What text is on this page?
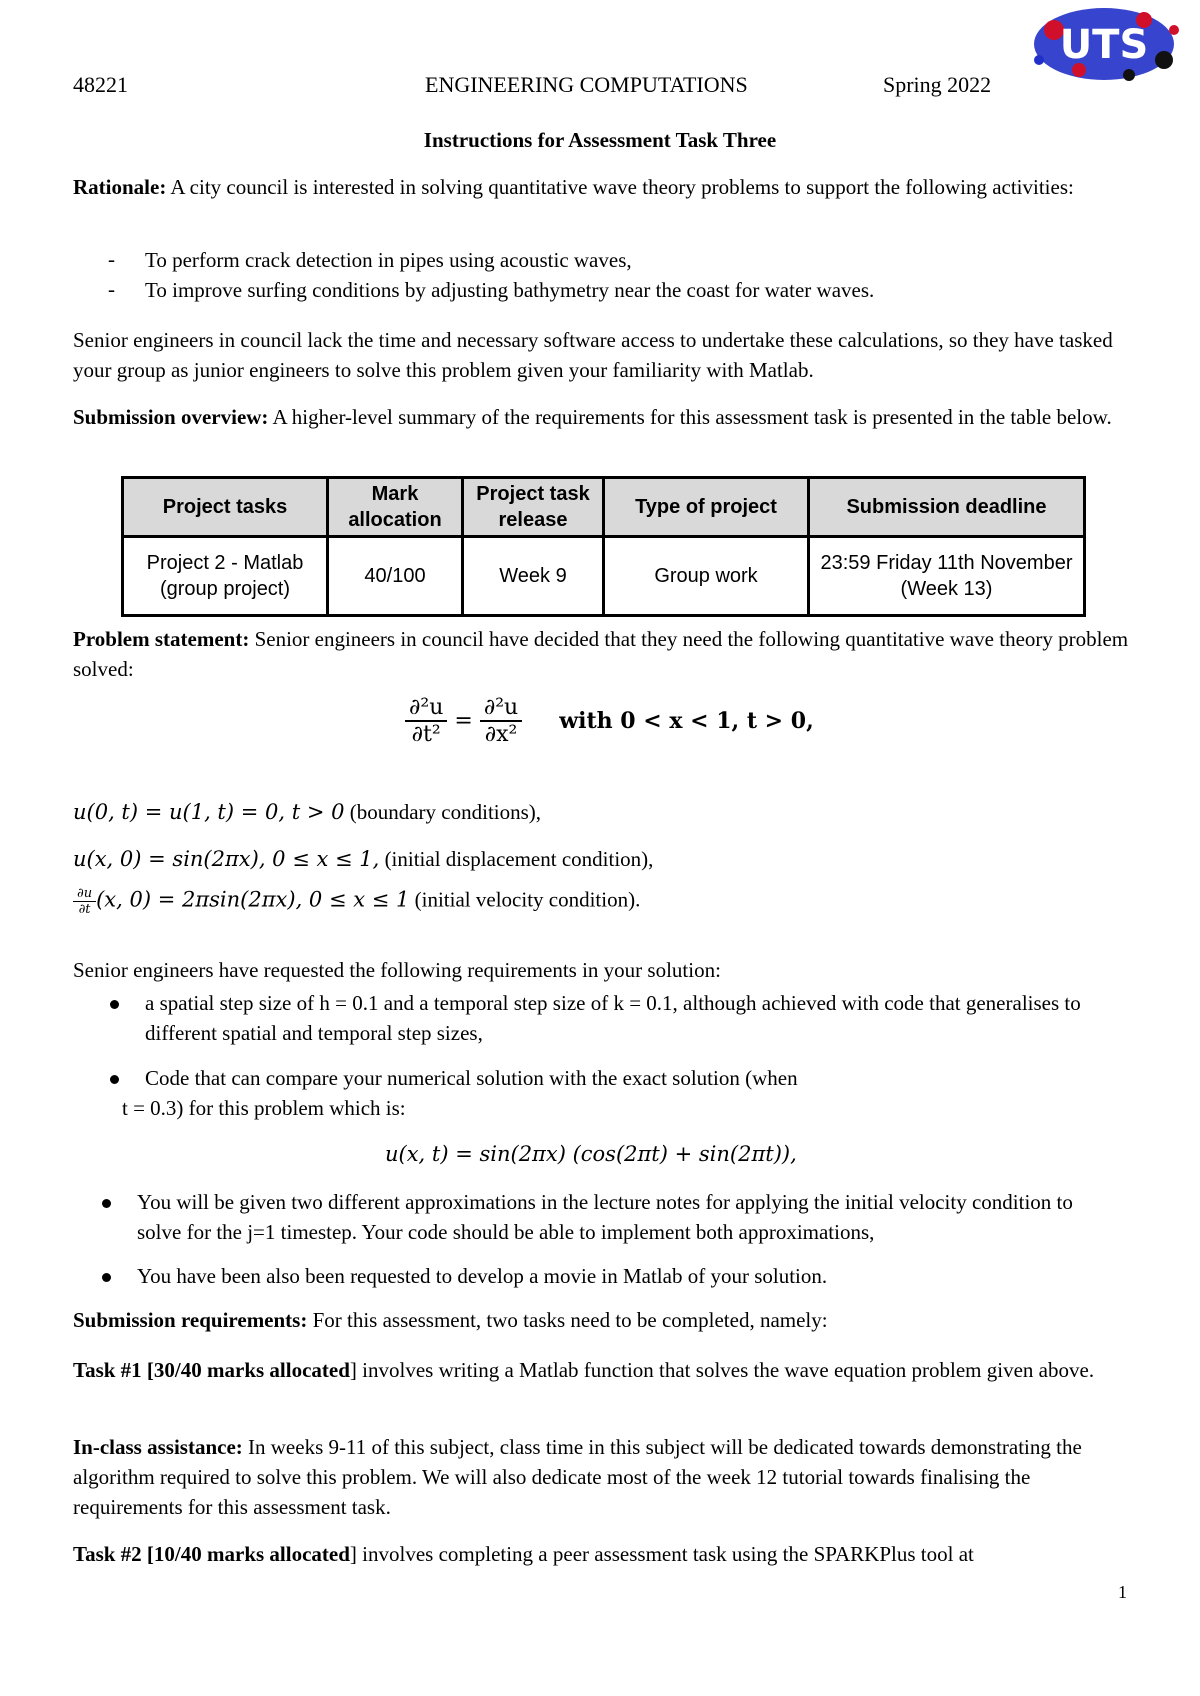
48221	ENGINEERING COMPUTATIONS	Spring 2022
UTS
Instructions for Assessment Task Three

Rationale: A city council is interested in solving quantitative wave theory problems to support the following activities:

- To perform crack detection in pipes using acoustic waves,
- To improve surfing conditions by adjusting bathymetry near the coast for water waves.

Senior engineers in council lack the time and necessary software access to undertake these calculations, so they have tasked your group as junior engineers to solve this problem given your familiarity with Matlab.

Submission overview: A higher-level summary of the requirements for this assessment task is presented in the table below.

Project tasks	Mark allocation	Project task release	Type of project	Submission deadline
Project 2 - Matlab (group project)	40/100	Week 9	Group work	23:59 Friday 11th November (Week 13)

Problem statement: Senior engineers in council have decided that they need the following quantitative wave theory problem solved:

$\frac{\text{∂²u}}{\text{∂t²}} = \frac{\text{∂²u}}{\text{∂x²}}$ with 0 < x < 1, t > 0,
u(0, t) = u(1, t) = 0, t > 0 (boundary conditions),
u(x, 0) = sin(2πx), 0 ≤ x ≤ 1, (initial displacement condition),
$\frac{\partial u}{\partial t} (x$, 0) = 2πsin(2πx), 0 ≤ x ≤ 1 (initial velocity condition).
Senior engineers have requested the following requirements in your solution:

a spatial step size of h = 0.1 and a temporal step size of k = 0.1, although achieved with code that generalises to different spatial and temporal step sizes,

Code that can compare your numerical solution with the exact solution (when
t = 0.3) for this problem which is:
u(x, t) = sin(2πx) (cos(2πt) + sin(2πt)),

You will be given two different approximations in the lecture notes for applying the initial velocity condition to solve for the j=1 timestep. Your code should be able to implement both approximations,

You have been also been requested to develop a movie in Matlab of your solution.
Submission requirements: For this assessment, two tasks need to be completed, namely:

Task #1 [30/40 marks allocated] involves writing a Matlab function that solves the wave equation problem given above.

In-class assistance: In weeks 9-11 of this subject, class time in this subject will be dedicated towards demonstrating the algorithm required to solve this problem. We will also dedicate most of the week 12 tutorial towards finalising the requirements for this assessment task.

Task #2 [10/40 marks allocated] involves completing a peer assessment task using the SPARKPlus tool at

1
